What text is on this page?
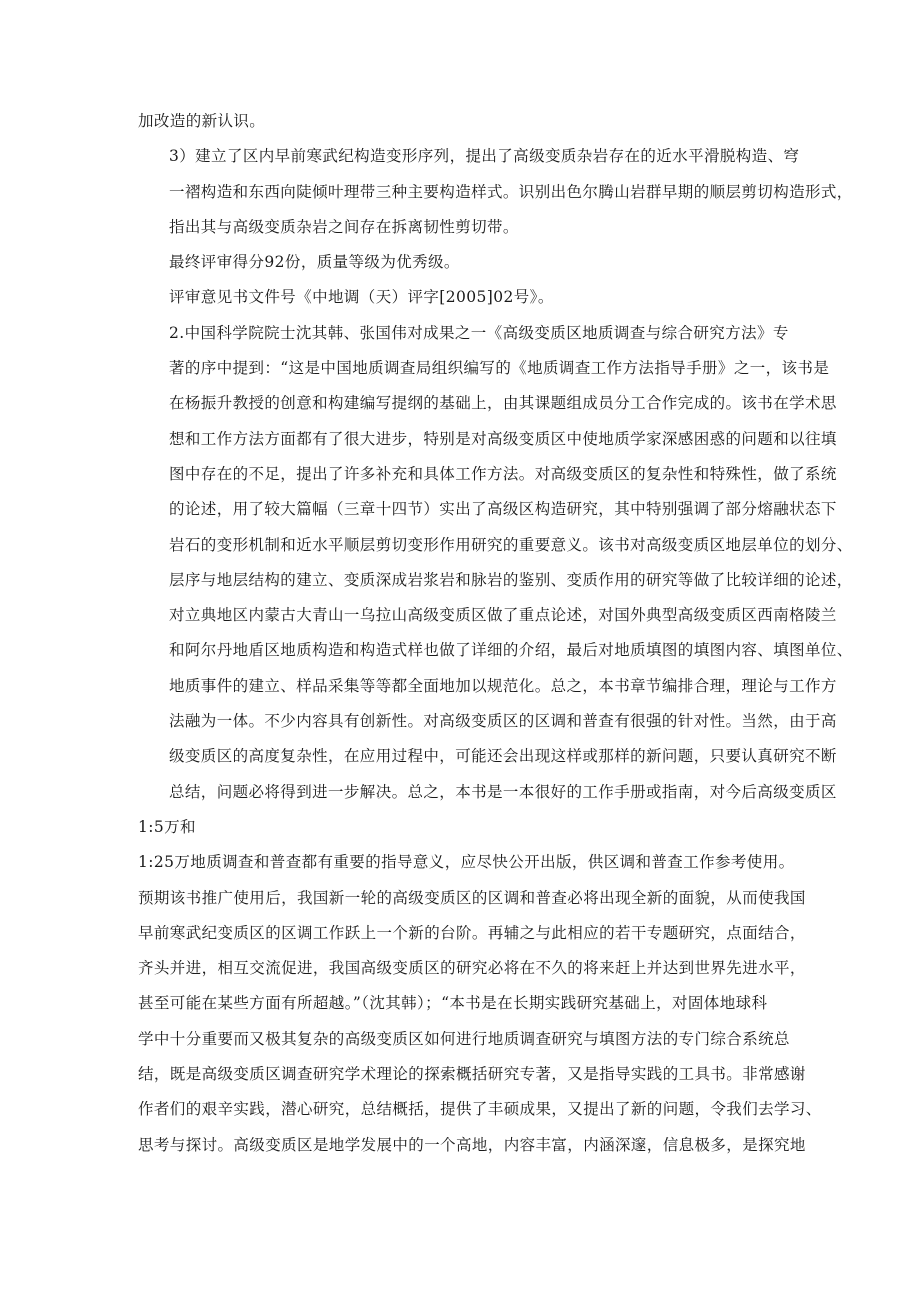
加改造的新认识。

3）建立了区内早前寒武纪构造变形序列，提出了高级变质杂岩存在的近水平滑脱构造、穹
一褶构造和东西向陡倾叶理带三种主要构造样式。识别出色尔腾山岩群早期的顺层剪切构造形式，
指出其与高级变质杂岩之间存在拆离韧性剪切带。

最终评审得分92份，质量等级为优秀级。

评审意见书文件号《中地调（天）评字[2005]02号》。

2.中国科学院院士沈其韩、张国伟对成果之一《高级变质区地质调查与综合研究方法》专
著的序中提到：“这是中国地质调查局组织编写的《地质调查工作方法指导手册》之一，该书是
在杨振升教授的创意和构建编写提纲的基础上，由其课题组成员分工合作完成的。该书在学术思
想和工作方法方面都有了很大进步，特别是对高级变质区中使地质学家深感困惑的问题和以往填
图中存在的不足，提出了许多补充和具体工作方法。对高级变质区的复杂性和特殊性，做了系统
的论述，用了较大篇幅（三章十四节）实出了高级区构造研究，其中特别强调了部分熔融状态下
岩石的变形机制和近水平顺层剪切变形作用研究的重要意义。该书对高级变质区地层单位的划分、
层序与地层结构的建立、变质深成岩浆岩和脉岩的鉴别、变质作用的研究等做了比较详细的论述，
对立典地区内蒙古大青山一乌拉山高级变质区做了重点论述，对国外典型高级变质区西南格陵兰
和阿尔丹地盾区地质构造和构造式样也做了详细的介绍，最后对地质填图的填图内容、填图单位、
地质事件的建立、样品采集等等都全面地加以规范化。总之，本书章节编排合理，理论与工作方
法融为一体。不少内容具有创新性。对高级变质区的区调和普查有很强的针对性。当然，由于高
级变质区的高度复杂性，在应用过程中，可能还会出现这样或那样的新问题，只要认真研究不断
总结，问题必将得到进一步解决。总之，本书是一本很好的工作手册或指南，对今后高级变质区

1:5万和

1:25万地质调查和普查都有重要的指导意义，应尽快公开出版，供区调和普查工作参考使用。
预期该书推广使用后，我国新一轮的高级变质区的区调和普查必将出现全新的面貌，从而使我国
早前寒武纪变质区的区调工作跃上一个新的台阶。再辅之与此相应的若干专题研究，点面结合，
齐头并进，相互交流促进，我国高级变质区的研究必将在不久的将来赶上并达到世界先进水平，
甚至可能在某些方面有所超越。”（沈其韩）；“本书是在长期实践研究基础上，对固体地球科
学中十分重要而又极其复杂的高级变质区如何进行地质调查研究与填图方法的专门综合系统总
结，既是高级变质区调查研究学术理论的探索概括研究专著，又是指导实践的工具书。非常感谢
作者们的艰辛实践，潜心研究，总结概括，提供了丰硕成果，又提出了新的问题，令我们去学习、
思考与探讨。高级变质区是地学发展中的一个高地，内容丰富，内涵深邃，信息极多，是探究地
